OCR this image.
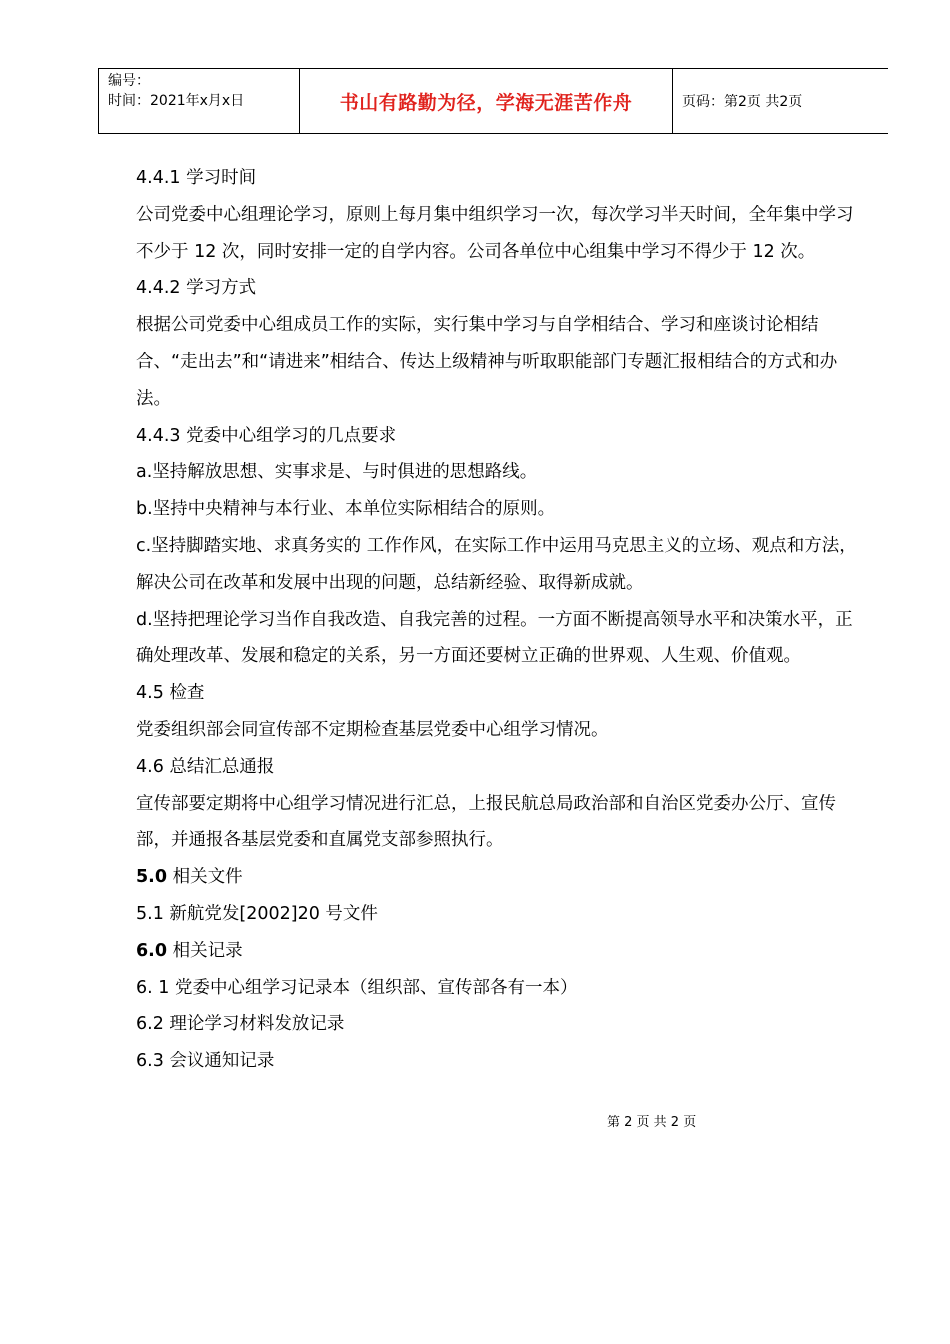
编号：
时间：2021年x月x日	书山有路勤为径，学海无涯苦作舟	页码：第2页 共2页

4.4.1 学习时间

公司党委中心组理论学习，原则上每月集中组织学习一次，每次学习半天时间，全年集中学习不少于 12 次，同时安排一定的自学内容。公司各单位中心组集中学习不得少于 12 次。

4.4.2 学习方式

根据公司党委中心组成员工作的实际，实行集中学习与自学相结合、学习和座谈讨论相结合、“走出去”和“请进来”相结合、传达上级精神与听取职能部门专题汇报相结合的方式和办法。

4.4.3 党委中心组学习的几点要求

a.坚持解放思想、实事求是、与时俱进的思想路线。

b.坚持中央精神与本行业、本单位实际相结合的原则。

c.坚持脚踏实地、求真务实的 工作作风，在实际工作中运用马克思主义的立场、观点和方法，解决公司在改革和发展中出现的问题，总结新经验、取得新成就。

d.坚持把理论学习当作自我改造、自我完善的过程。一方面不断提高领导水平和决策水平，正确处理改革、发展和稳定的关系，另一方面还要树立正确的世界观、人生观、价值观。

4.5 检查

党委组织部会同宣传部不定期检查基层党委中心组学习情况。

4.6 总结汇总通报

宣传部要定期将中心组学习情况进行汇总，上报民航总局政治部和自治区党委办公厅、宣传部，并通报各基层党委和直属党支部参照执行。

5.0 相关文件

5.1 新航党发[2002]20 号文件

6.0 相关记录

6. 1 党委中心组学习记录本（组织部、宣传部各有一本）

6.2 理论学习材料发放记录

6.3 会议通知记录

第 2 页 共 2 页
